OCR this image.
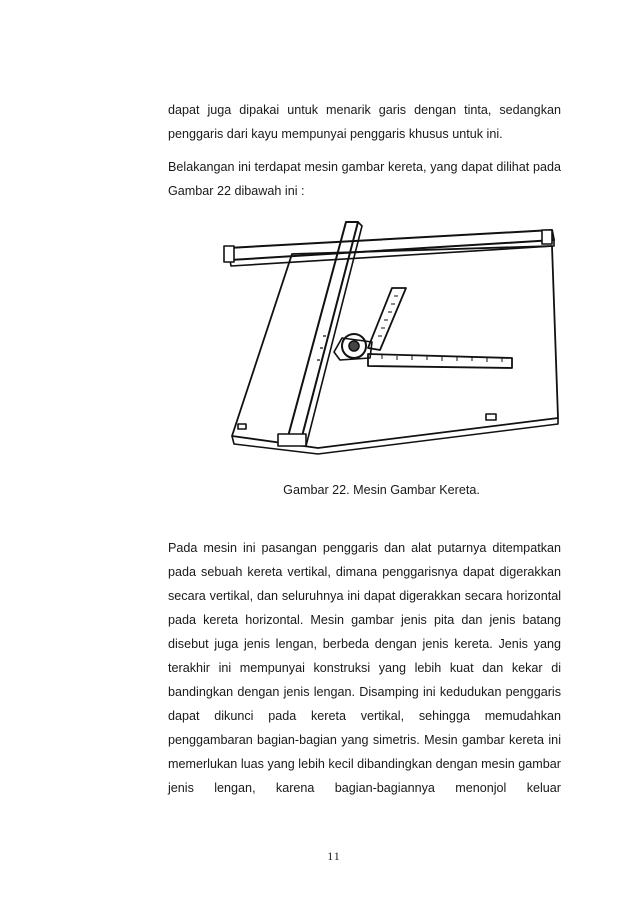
dapat juga dipakai untuk menarik garis dengan tinta, sedangkan penggaris dari kayu mempunyai penggaris khusus untuk ini.

Belakangan ini terdapat mesin gambar kereta, yang dapat dilihat pada Gambar 22 dibawah ini :

Gambar 22. Mesin Gambar Kereta.

Pada mesin ini pasangan penggaris dan alat putarnya ditempatkan pada sebuah kereta vertikal, dimana penggarisnya dapat digerakkan secara vertikal, dan seluruhnya ini dapat digerakkan secara horizontal pada kereta horizontal. Mesin gambar jenis pita dan jenis batang disebut juga jenis lengan, berbeda dengan jenis kereta. Jenis yang terakhir ini mempunyai konstruksi yang lebih kuat dan kekar di bandingkan dengan jenis lengan. Disamping ini kedudukan penggaris dapat dikunci pada kereta vertikal, sehingga memudahkan penggambaran bagian-bagian yang simetris. Mesin gambar kereta ini memerlukan luas yang lebih kecil dibandingkan dengan mesin gambar jenis lengan, karena bagian-bagiannya menonjol keluar

11
